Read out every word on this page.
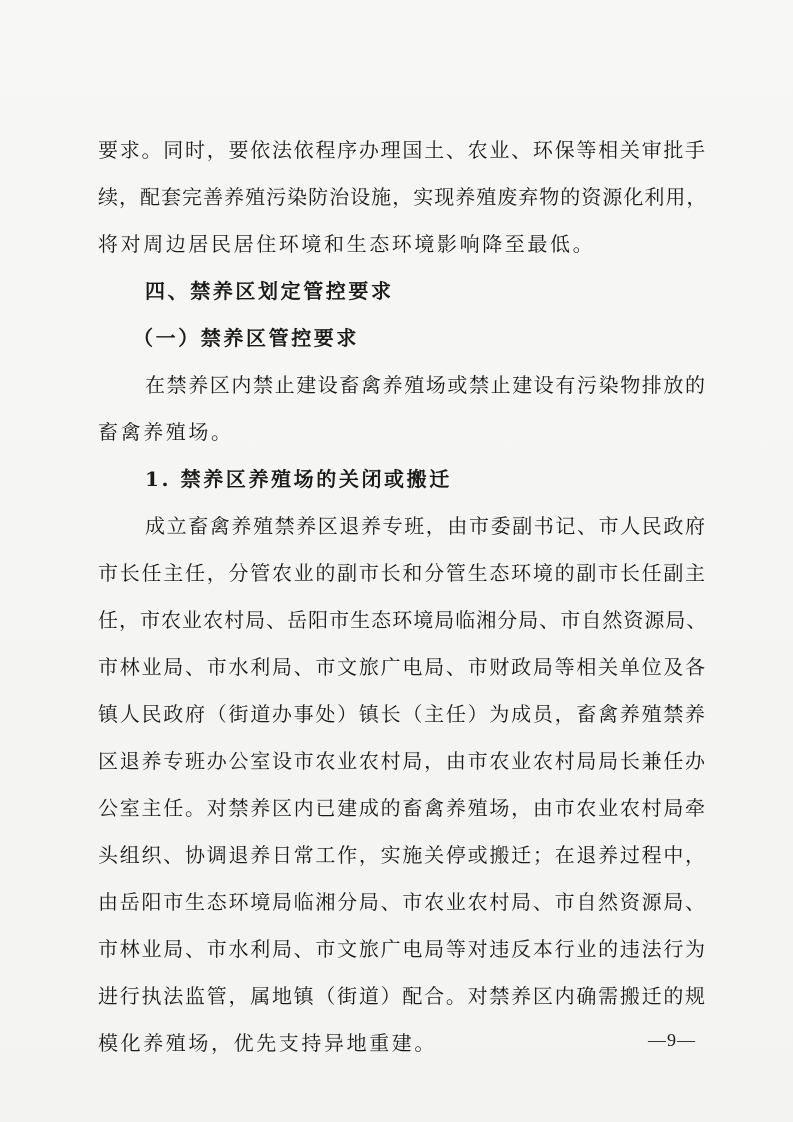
要求。同时，要依法依程序办理国土、农业、环保等相关审批手
续，配套完善养殖污染防治设施，实现养殖废弃物的资源化利用，
将对周边居民居住环境和生态环境影响降至最低。
四、禁养区划定管控要求
（一）禁养区管控要求
在禁养区内禁止建设畜禽养殖场或禁止建设有污染物排放的
畜禽养殖场。
1. 禁养区养殖场的关闭或搬迁
成立畜禽养殖禁养区退养专班，由市委副书记、市人民政府
市长任主任，分管农业的副市长和分管生态环境的副市长任副主
任，市农业农村局、岳阳市生态环境局临湘分局、市自然资源局、
市林业局、市水利局、市文旅广电局、市财政局等相关单位及各
镇人民政府（街道办事处）镇长（主任）为成员，畜禽养殖禁养
区退养专班办公室设市农业农村局，由市农业农村局局长兼任办
公室主任。对禁养区内已建成的畜禽养殖场，由市农业农村局牵
头组织、协调退养日常工作，实施关停或搬迁；在退养过程中，
由岳阳市生态环境局临湘分局、市农业农村局、市自然资源局、
市林业局、市水利局、市文旅广电局等对违反本行业的违法行为
进行执法监管，属地镇（街道）配合。对禁养区内确需搬迁的规
模化养殖场，优先支持异地重建。	—9—
